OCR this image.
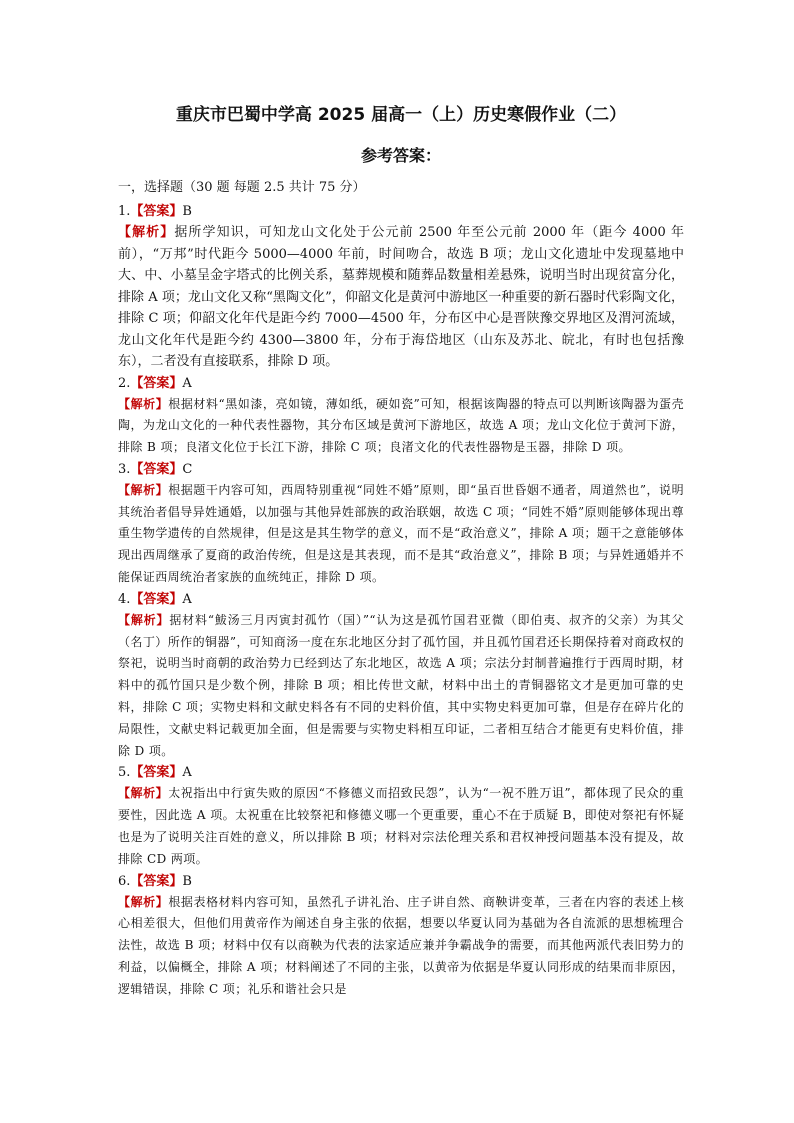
重庆市巴蜀中学高 2025 届高一（上）历史寒假作业（二）
参考答案：

一，选择题（30 题 每题 2.5 共计 75 分）

1.【答案】B

【解析】据所学知识，可知龙山文化处于公元前 2500 年至公元前 2000 年（距今 4000 年前），“万邦”时代距今 5000—4000 年前，时间吻合，故选 B 项；龙山文化遗址中发现墓地中大、中、小墓呈金字塔式的比例关系，墓葬规模和随葬品数量相差悬殊，说明当时出现贫富分化，排除 A 项；龙山文化又称“黑陶文化”，仰韶文化是黄河中游地区一种重要的新石器时代彩陶文化，排除 C 项；仰韶文化年代是距今约 7000—4500 年，分布区中心是晋陕豫交界地区及渭河流域，龙山文化年代是距今约 4300—3800 年，分布于海岱地区（山东及苏北、皖北，有时也包括豫东），二者没有直接联系，排除 D 项。

2.【答案】A

【解析】根据材料“黑如漆，亮如镜，薄如纸，硬如瓷”可知，根据该陶器的特点可以判断该陶器为蛋壳陶，为龙山文化的一种代表性器物，其分布区域是黄河下游地区，故选 A 项；龙山文化位于黄河下游，排除 B 项；良渚文化位于长江下游，排除 C 项；良渚文化的代表性器物是玉器，排除 D 项。

3.【答案】C

【解析】根据题干内容可知，西周特别重视“同姓不婚”原则，即“虽百世昏姻不通者，周道然也”，说明其统治者倡导异姓通婚，以加强与其他异姓部族的政治联姻，故选 C 项；“同姓不婚”原则能够体现出尊重生物学遗传的自然规律，但是这是其生物学的意义，而不是“政治意义”，排除 A 项；题干之意能够体现出西周继承了夏商的政治传统，但是这是其表现，而不是其“政治意义”，排除 B 项；与异姓通婚并不能保证西周统治者家族的血统纯正，排除 D 项。

4.【答案】A

【解析】据材料“鮁汤三月丙寅封孤竹（国）”“认为这是孤竹国君亚微（即伯夷、叔齐的父亲）为其父（名丁）所作的铜器”，可知商汤一度在东北地区分封了孤竹国，并且孤竹国君还长期保持着对商政权的祭祀，说明当时商朝的政治势力已经到达了东北地区，故选 A 项；宗法分封制普遍推行于西周时期，材料中的孤竹国只是少数个例，排除 B 项；相比传世文献，材料中出土的青铜器铭文才是更加可靠的史料，排除 C 项；实物史料和文献史料各有不同的史料价值，其中实物史料更加可靠，但是存在碎片化的局限性，文献史料记载更加全面，但是需要与实物史料相互印证，二者相互结合才能更有史料价值，排除 D 项。

5.【答案】A

【解析】太祝指出中行寅失败的原因“不修德义而招致民怨”，认为“一祝不胜万诅”，都体现了民众的重要性，因此选 A 项。太祝重在比较祭祀和修德义哪一个更重要，重心不在于质疑 B，即使对祭祀有怀疑也是为了说明关注百姓的意义，所以排除 B 项；材料对宗法伦理关系和君权神授问题基本没有提及，故排除 CD 两项。

6.【答案】B

【解析】根据表格材料内容可知，虽然孔子讲礼治、庄子讲自然、商鞅讲变革，三者在内容的表述上核心相差很大，但他们用黄帝作为阐述自身主张的依据，想要以华夏认同为基础为各自流派的思想梳理合法性，故选 B 项；材料中仅有以商鞅为代表的法家适应兼并争霸战争的需要，而其他两派代表旧势力的利益，以偏概全，排除 A 项；材料阐述了不同的主张，以黄帝为依据是华夏认同形成的结果而非原因，逻辑错误，排除 C 项；礼乐和谐社会只是
